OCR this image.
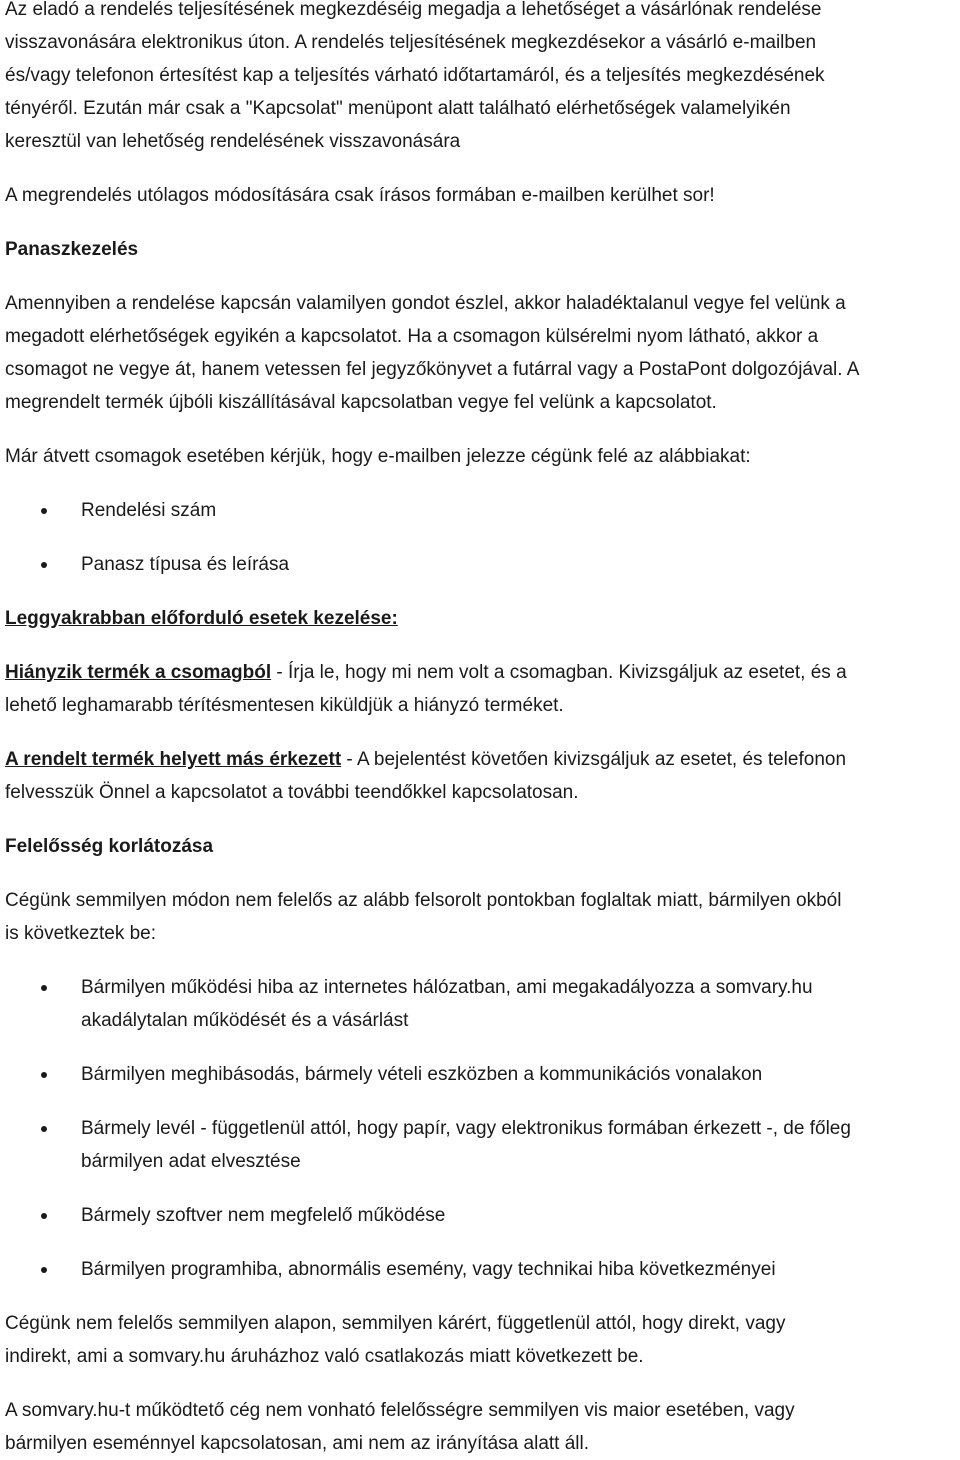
Az eladó a rendelés teljesítésének megkezdéséig megadja a lehetőséget a vásárlónak rendelése
visszavonására elektronikus úton. A rendelés teljesítésének megkezdésekor a vásárló e-mailben
és/vagy telefonon értesítést kap a teljesítés várható időtartamáról, és a teljesítés megkezdésének
tényéről. Ezután már csak a "Kapcsolat" menüpont alatt található elérhetőségek valamelyikén
keresztül van lehetőség rendelésének visszavonására

A megrendelés utólagos módosítására csak írásos formában e-mailben kerülhet sor!

Panaszkezelés

Amennyiben a rendelése kapcsán valamilyen gondot észlel, akkor haladéktalanul vegye fel velünk a
megadott elérhetőségek egyikén a kapcsolatot. Ha a csomagon külsérelmi nyom látható, akkor a
csomagot ne vegye át, hanem vetessen fel jegyzőkönyvet a futárral vagy a PostaPont dolgozójával. A
megrendelt termék újbóli kiszállításával kapcsolatban vegye fel velünk a kapcsolatot.

Már átvett csomagok esetében kérjük, hogy e-mailben jelezze cégünk felé az alábbiakat:

Rendelési szám
Panasz típusa és leírása

Leggyakrabban előforduló esetek kezelése:

Hiányzik termék a csomagból - Írja le, hogy mi nem volt a csomagban. Kivizsgáljuk az esetet, és a
lehető leghamarabb térítésmentesen kiküldjük a hiányzó terméket.

A rendelt termék helyett más érkezett - A bejelentést követően kivizsgáljuk az esetet, és telefonon
felvesszük Önnel a kapcsolatot a további teendőkkel kapcsolatosan.

Felelősség korlátozása

Cégünk semmilyen módon nem felelős az alább felsorolt pontokban foglaltak miatt, bármilyen okból
is következtek be:

Bármilyen működési hiba az internetes hálózatban, ami megakadályozza a somvary.hu
akadálytalan működését és a vásárlást
Bármilyen meghibásodás, bármely vételi eszközben a kommunikációs vonalakon
Bármely levél - függetlenül attól, hogy papír, vagy elektronikus formában érkezett -, de főleg
bármilyen adat elvesztése
Bármely szoftver nem megfelelő működése
Bármilyen programhiba, abnormális esemény, vagy technikai hiba következményei

Cégünk nem felelős semmilyen alapon, semmilyen kárért, függetlenül attól, hogy direkt, vagy
indirekt, ami a somvary.hu áruházhoz való csatlakozás miatt következett be.

A somvary.hu-t működtető cég nem vonható felelősségre semmilyen vis maior esetében, vagy
bármilyen eseménnyel kapcsolatosan, ami nem az irányítása alatt áll.
